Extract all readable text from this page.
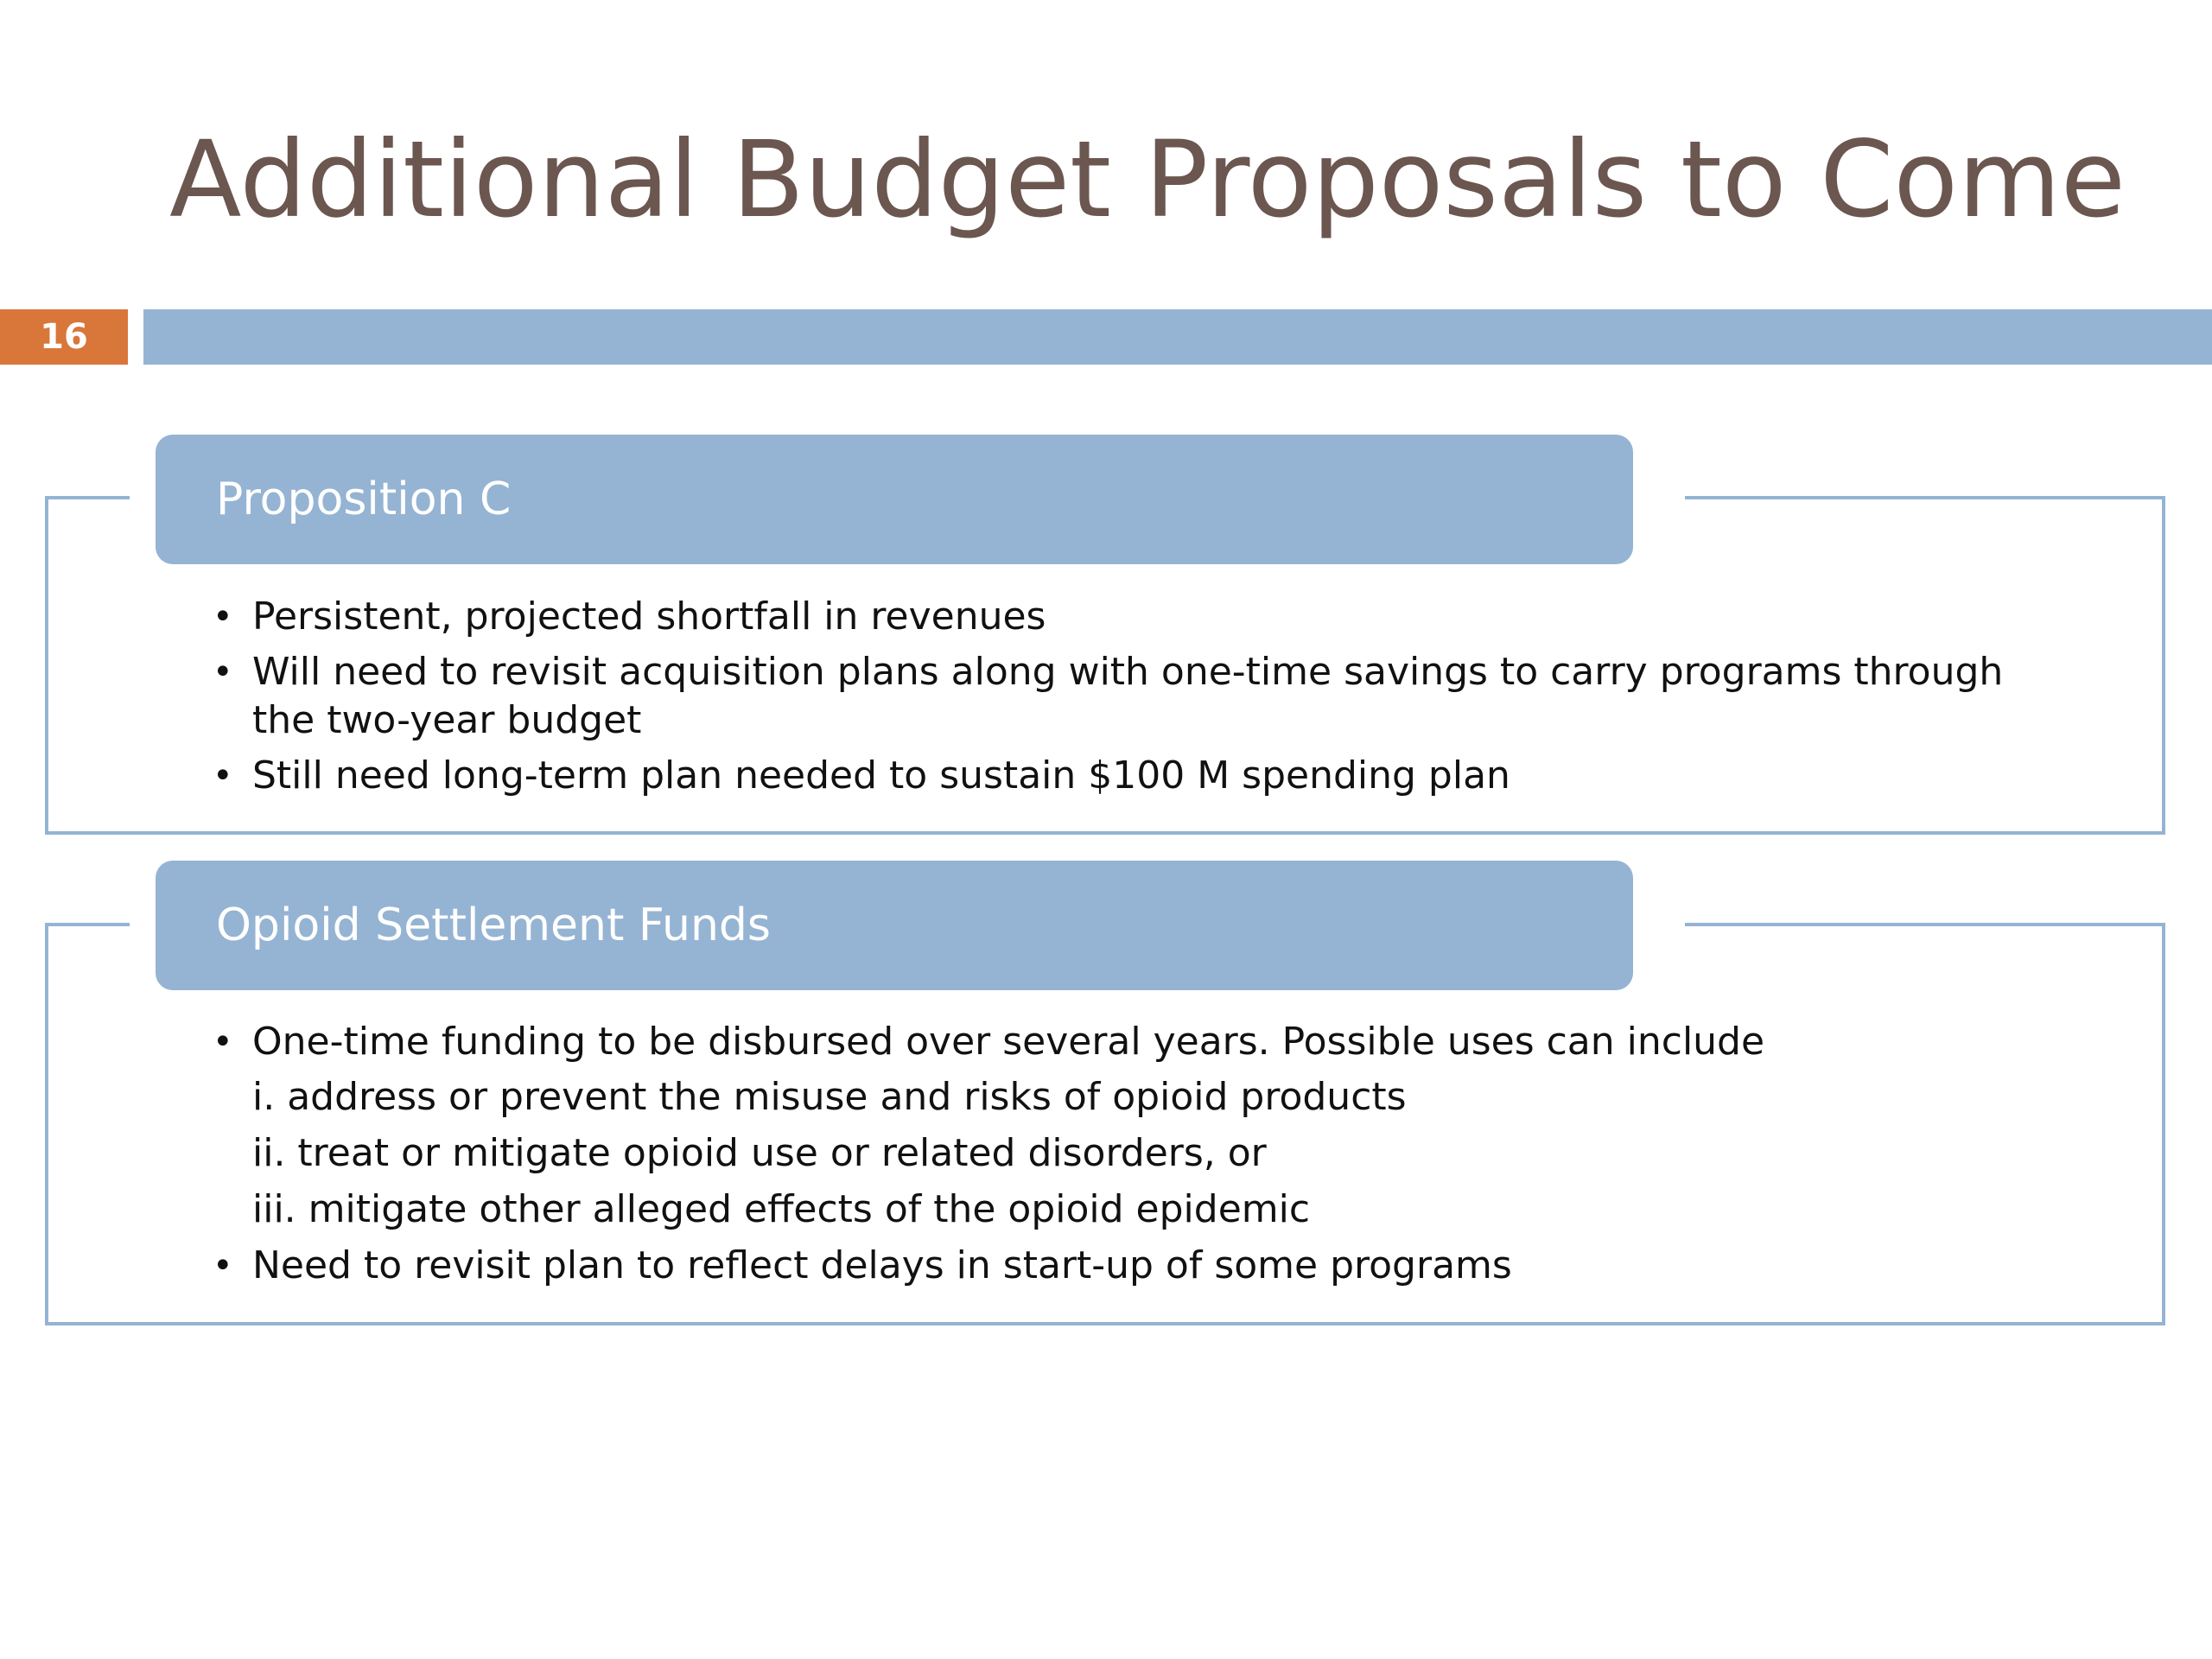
Additional Budget Proposals to Come
16
Proposition C
• Persistent, projected shortfall in revenues
• Will need to revisit acquisition plans along with one-time savings to carry programs through the two-year budget
• Still need long-term plan needed to sustain $100 M spending plan
Opioid Settlement Funds
• One-time funding to be disbursed over several years. Possible uses can include
i. address or prevent the misuse and risks of opioid products
ii. treat or mitigate opioid use or related disorders, or
iii. mitigate other alleged effects of the opioid epidemic
• Need to revisit plan to reflect delays in start-up of some programs
